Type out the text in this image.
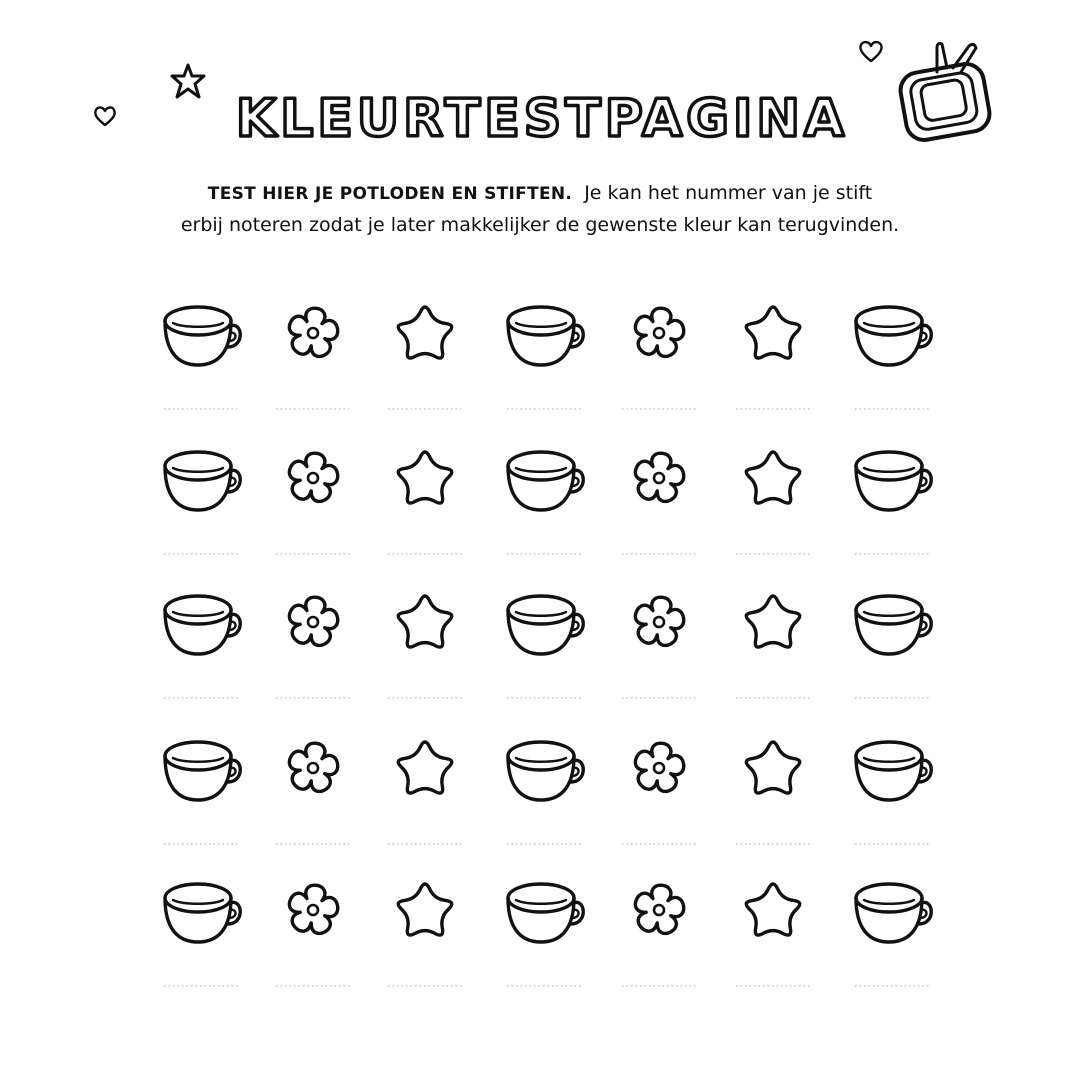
KLEURTESTPAGINA
TEST HIER JE POTLODEN EN STIFTEN. Je kan het nummer van je stift
erbij noteren zodat je later makkelijker de gewenste kleur kan terugvinden.
